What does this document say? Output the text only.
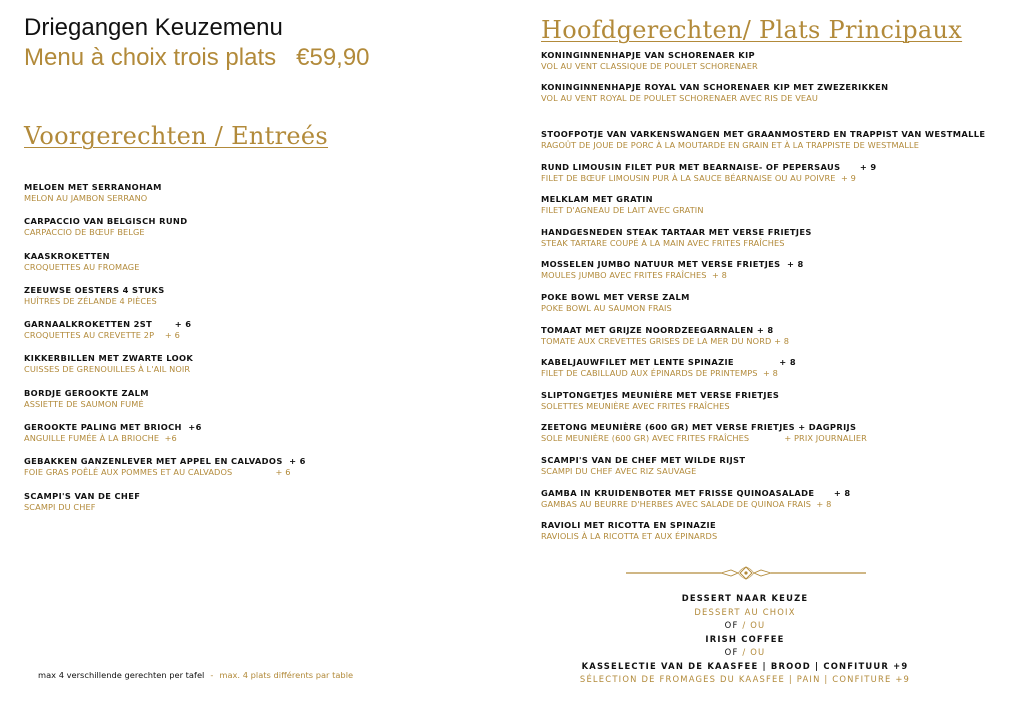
Driegangen Keuzemenu
Menu à choix trois plats   €59,90
Voorgerechten / Entreés
MELOEN MET SERRANOHAM
MELON AU JAMBON SERRANO
CARPACCIO VAN BELGISCH RUND
CARPACCIO DE BŒUF BELGE
KAASKROKETTEN
CROQUETTES AU FROMAGE
ZEEUWSE OESTERS 4 STUKS
HUÎTRES DE ZÉLANDE 4 PIÈCES
GARNAALKROKETTEN 2ST       + 6
CROQUETTES AU CREVETTE 2P    + 6
KIKKERBILLEN MET ZWARTE LOOK
CUISSES DE GRENOUILLES À L'AIL NOIR
BORDJE GEROOKTE ZALM
ASSIETTE DE SAUMON FUMÉ
GEROOKTE PALING MET BRIOCH  +6
ANGUILLE FUMÉE À LA BRIOCHE  +6
GEBAKKEN GANZENLEVER MET APPEL EN CALVADOS  + 6
FOIE GRAS POÊLÉ AUX POMMES ET AU CALVADOS                + 6
SCAMPI'S VAN DE CHEF
SCAMPI DU CHEF
Hoofdgerechten/ Plats Principaux
KONINGINNENHAPJE VAN SCHORENAER KIP
VOL AU VENT CLASSIQUE DE POULET SCHORENAER
KONINGINNENHAPJE ROYAL VAN SCHORENAER KIP MET ZWEZERIKKEN
VOL AU VENT ROYAL DE POULET SCHORENAER AVEC RIS DE VEAU
STOOFPOTJE VAN VARKENSWANGEN MET GRAANMOSTERD EN TRAPPIST VAN WESTMALLE
RAGOÛT DE JOUE DE PORC À LA MOUTARDE EN GRAIN ET À LA TRAPPISTE DE WESTMALLE
RUND LIMOUSIN FILET PUR MET BEARNAISE- OF PEPERSAUS      + 9
FILET DE BŒUF LIMOUSIN PUR À LA SAUCE BÉARNAISE OU AU POIVRE  + 9
MELKLAM MET GRATIN
FILET D'AGNEAU DE LAIT AVEC GRATIN
HANDGESNEDEN STEAK TARTAAR MET VERSE FRIETJES
STEAK TARTARE COUPÉ À LA MAIN AVEC FRITES FRAÎCHES
MOSSELEN JUMBO NATUUR MET VERSE FRIETJES  + 8
MOULES JUMBO AVEC FRITES FRAÎCHES  + 8
POKE BOWL MET VERSE ZALM
POKE BOWL AU SAUMON FRAIS
TOMAAT MET GRIJZE NOORDZEEGARNALEN + 8
TOMATE AUX CREVETTES GRISES DE LA MER DU NORD + 8
KABELJAUWFILET MET LENTE SPINAZIE              + 8
FILET DE CABILLAUD AUX ÉPINARDS DE PRINTEMPS  + 8
SLIPTONGETJES MEUNIÈRE MET VERSE FRIETJES
SOLETTES MEUNIÈRE AVEC FRITES FRAÎCHES
ZEETONG MEUNIÈRE (600 GR) MET VERSE FRIETJES + DAGPRIJS
SOLE MEUNIÈRE (600 GR) AVEC FRITES FRAÎCHES             + PRIX JOURNALIER
SCAMPI'S VAN DE CHEF MET WILDE RIJST
SCAMPI DU CHEF AVEC RIZ SAUVAGE
GAMBA IN KRUIDENBOTER MET FRISSE QUINOASALADE      + 8
GAMBAS AU BEURRE D'HERBES AVEC SALADE DE QUINOA FRAIS  + 8
RAVIOLI MET RICOTTA EN SPINAZIE
RAVIOLIS À LA RICOTTA ET AUX ÉPINARDS
DESSERT NAAR KEUZE
DESSERT AU CHOIX
OF / OU
IRISH COFFEE
OF / OU
KASSELECTIE VAN DE KAASFEE | BROOD | CONFITUUR +9
SÉLECTION DE FROMAGES DU KAASFEE | PAIN | CONFITURE +9
max 4 verschillende gerechten per tafel - max. 4 plats différents par table
